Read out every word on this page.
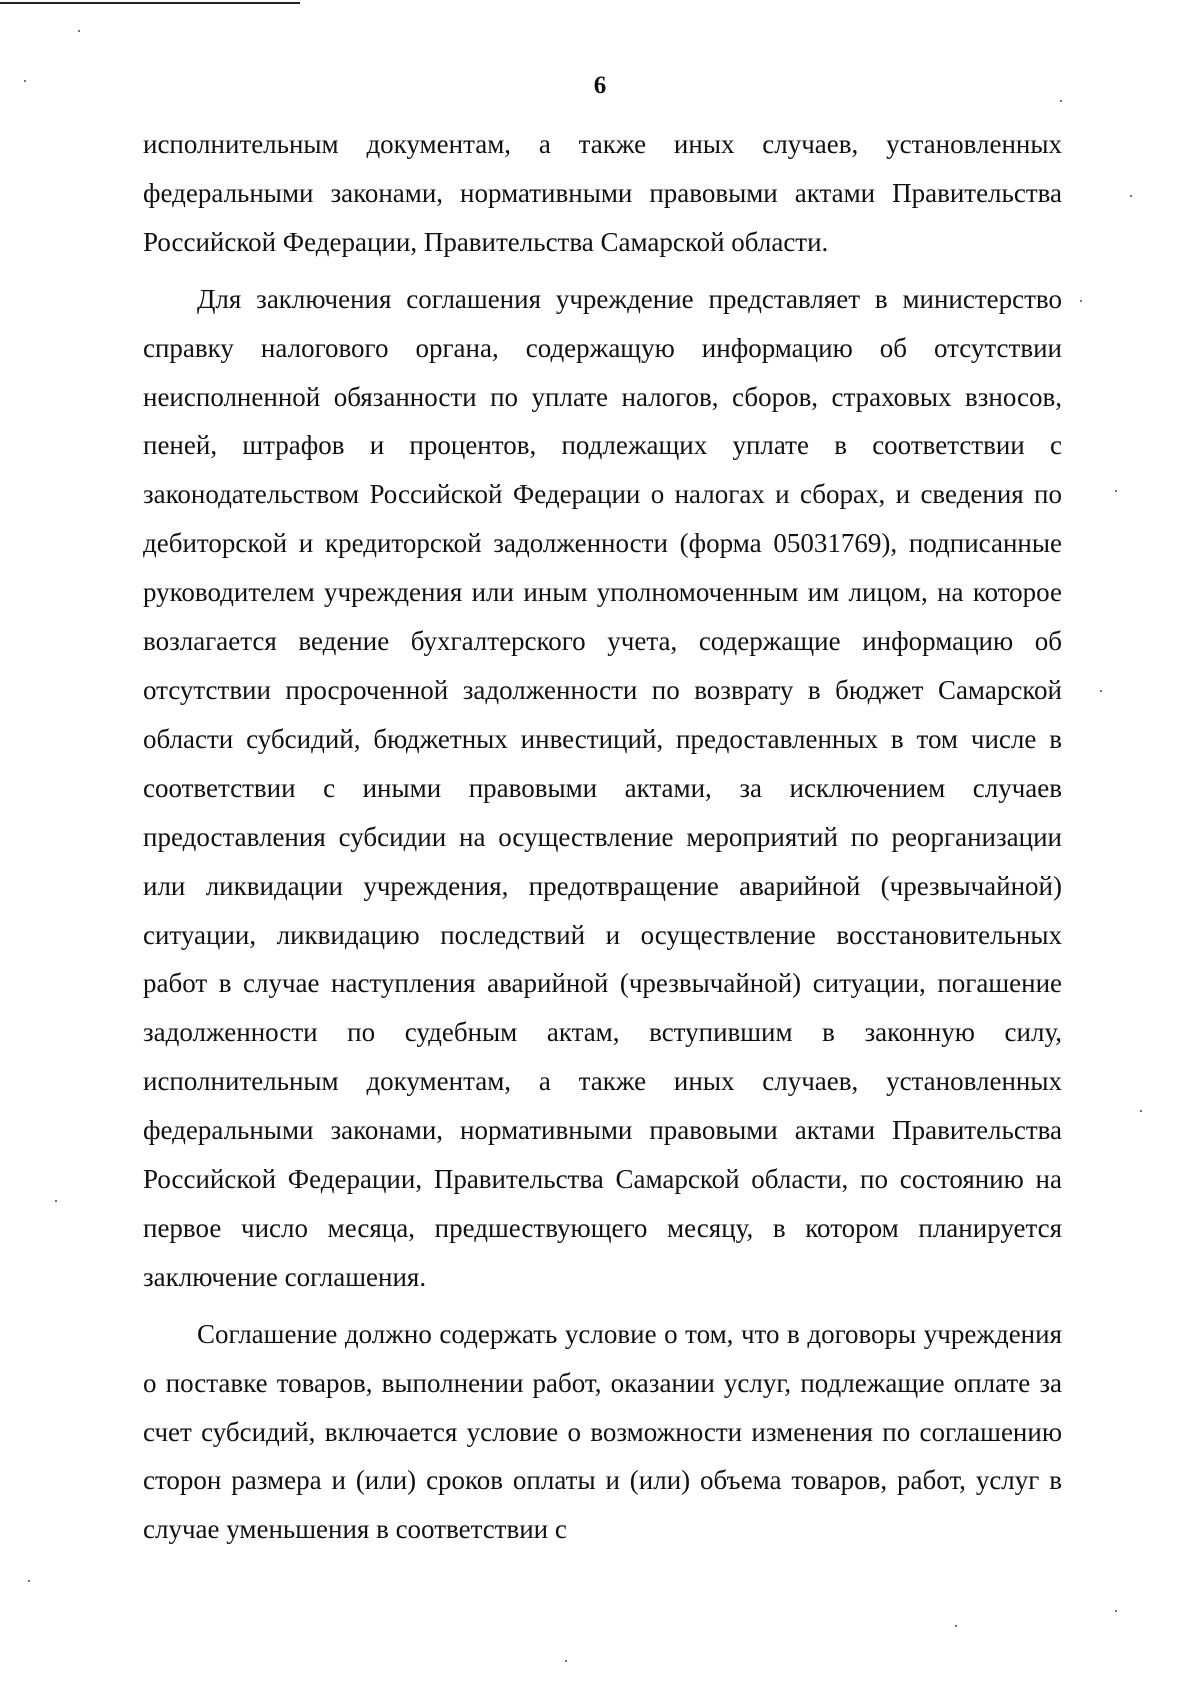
6

исполнительным документам, а также иных случаев, установленных федеральными законами, нормативными правовыми актами Правительства Российской Федерации, Правительства Самарской области.

Для заключения соглашения учреждение представляет в министерство справку налогового органа, содержащую информацию об отсутствии неисполненной обязанности по уплате налогов, сборов, страховых взносов, пеней, штрафов и процентов, подлежащих уплате в соответствии с законодательством Российской Федерации о налогах и сборах, и сведения по дебиторской и кредиторской задолженности (форма 05031769), подписанные руководителем учреждения или иным уполномоченным им лицом, на которое возлагается ведение бухгалтерского учета, содержащие информацию об отсутствии просроченной задолженности по возврату в бюджет Самарской области субсидий, бюджетных инвестиций, предоставленных в том числе в соответствии с иными правовыми актами, за исключением случаев предоставления субсидии на осуществление мероприятий по реорганизации или ликвидации учреждения, предотвращение аварийной (чрезвычайной) ситуации, ликвидацию последствий и осуществление восстановительных работ в случае наступления аварийной (чрезвычайной) ситуации, погашение задолженности по судебным актам, вступившим в законную силу, исполнительным документам, а также иных случаев, установленных федеральными законами, нормативными правовыми актами Правительства Российской Федерации, Правительства Самарской области, по состоянию на первое число месяца, предшествующего месяцу, в котором планируется заключение соглашения.

Соглашение должно содержать условие о том, что в договоры учреждения о поставке товаров, выполнении работ, оказании услуг, подлежащие оплате за счет субсидий, включается условие о возможности изменения по соглашению сторон размера и (или) сроков оплаты и (или) объема товаров, работ, услуг в случае уменьшения в соответствии с
